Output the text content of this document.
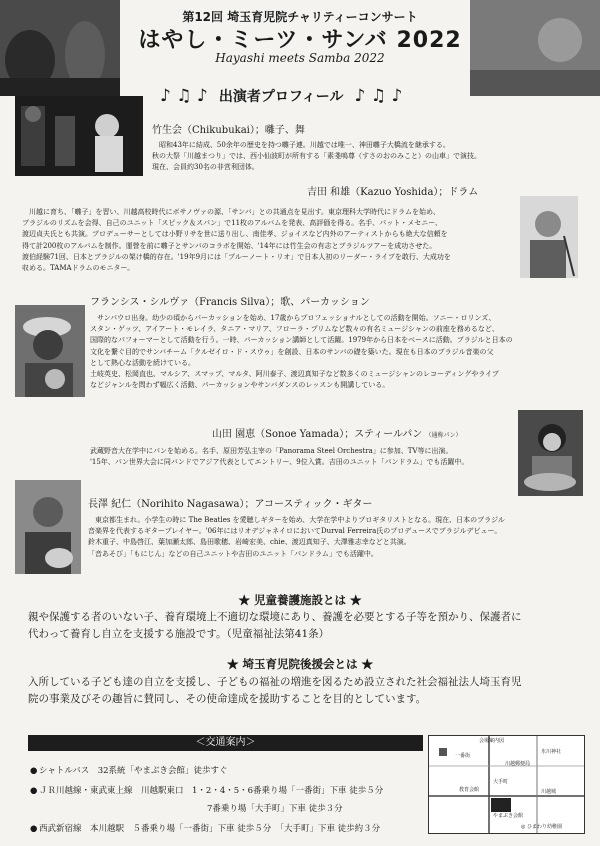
第12回 埼玉育児院チャリティーコンサート
はやし・ミーツ・サンバ 2022
Hayashi meets Samba 2022
♪ ♫ ♪ 出演者プロフィール ♪ ♫ ♪
竹生会（Chikubukai）；囃子、舞
昭和43年に結成、50余年の歴史を持つ囃子連。川越では唯一、神田囃子大橋流を継承する。
秋の大祭「川越まつり」では、西小仙波町が所有する「素戔嗚尊（すさのおのみこと）の山車」で演技。
現在、会員約30名の非営利団体。
吉田 和雄（Kazuo Yoshida）；ドラム
川越に育ち、「囃子」を習い、川越高校時代にボサノヴァの源、「サンバ」との共通点を見出す。東京理科大学時代にドラムを始め、
ブラジルのリズムを会得、自己のユニット「スピック＆スパン」で11枚のアルバムを発表、高評価を得る。名手、パット・メセニー、
渡辺貞夫氏とも共演。プロデューサーとしては小野リサを世に送り出し、南佳孝、ジョイスなど内外のアーティストからも絶大な信頼を
得て計200枚のアルバムを制作。運營を前に囃子とサンバのコラボを開始、'14年には竹生会の有志とブラジルツアーを成功させた。
渡伯経験71回、日本とブラジルの架け橋的存在。'19年9月には「ブルーノート・リオ」で日本人初のリーダー・ライブを敢行、大成功を
収める。TAMAドラムのモニター。
フランシス・シルヴァ（Francis Silva）；歌、パーカッション
サンパウロ出身。幼少の頃からパーカッションを始め、17歳からプロフェッショナルとしての活動を開始。ソニー・ロリンズ、
スタン・ゲッツ、アイアート・モレイラ、タニア・マリア、フローラ・プリムなど数々の有名ミュージシャンの前座を務めるなど、
国際的なパフォーマーとして活動を行う。一時、パーカッション講師として活躍。1979年から日本をベースに活動。ブラジルと日本の
文化を繋ぐ目的でサンバチーム「クルゼイロ・ド・スウゥ」を創設、日本のサンバの礎を築いた。現在も日本のブラジル音楽の父
として熱心な活動を続けている。
土岐英史、松岡直也、マルシア、スマップ、マルタ、阿川泰子、渡辺真知子など数多くのミュージシャンのレコーディングやライブ
などジャンルを問わず幅広く活動、パーカッションやサンバダンスのレッスンも開講している。
山田 園恵（Sonoe Yamada）；スティールパン （通称パン）
武蔵野音大在学中にパンを始める。名手、原田芳弘主宰の「Panorama Steel Orchestra」に参加、TV等に出演。
'15年、パン世界大会に同バンドでアジア代表としてエントリー、9位入賞。吉田のユニット「パンドラム」でも活躍中。
長澤 紀仁（Norihito Nagasawa）；アコースティック・ギター
東京都生まれ。小学生の時に The Beatles を愛聴しギターを始め、大学在学中よりプロギタリストとなる。現在、日本のブラジル
音楽界を代表するギタープレイヤー。'06年にはリオデジャネイロにおいてDurval Ferreira氏のプロデュースでブラジルデビュー。
鈴木重子、中島啓江、葉加瀬太郎、島田歌穂、岩崎宏美、chie、渡辺真知子、大澤雅志幸などと共演。
「音あそび」「もにじん」などの自己ユニットや吉田のユニット「パンドラム」でも活躍中。
★ 児童養護施設とは ★
親や保護する者のいない子、養育環境上不適切な環境にあり、養護を必要とする子等を預かり、保護者に
代わって養育し自立を支援する施設です。（児童福祉法第41条）
★ 埼玉育児院後援会とは ★
入所している子ども達の自立を支援し、子どもの福祉の増進を図るため設立された社会福祉法人埼玉育児
院の事業及びその趣旨に賛同し、その使命達成を援助することを目的としています。
＜交通案内＞
● シャトルバス　32系統「やまぶき会館」徒歩すぐ
● ＪＲ川越線・東武東上線　川越駅東口　1・2・4・5・6番乗り場「一番街」下車 徒歩５分
7番乗り場「大手町」下車 徒歩３分
● 西武新宿線　本川越駅　５番乗り場「一番街」下車 徒歩５分　「大手町」下車 徒歩約３分
会場案内図
一番街
川越郵便局
大手町
教育会館
やまぶき会館
川越城
氷川神社
◎ ひまわり幼稚園
